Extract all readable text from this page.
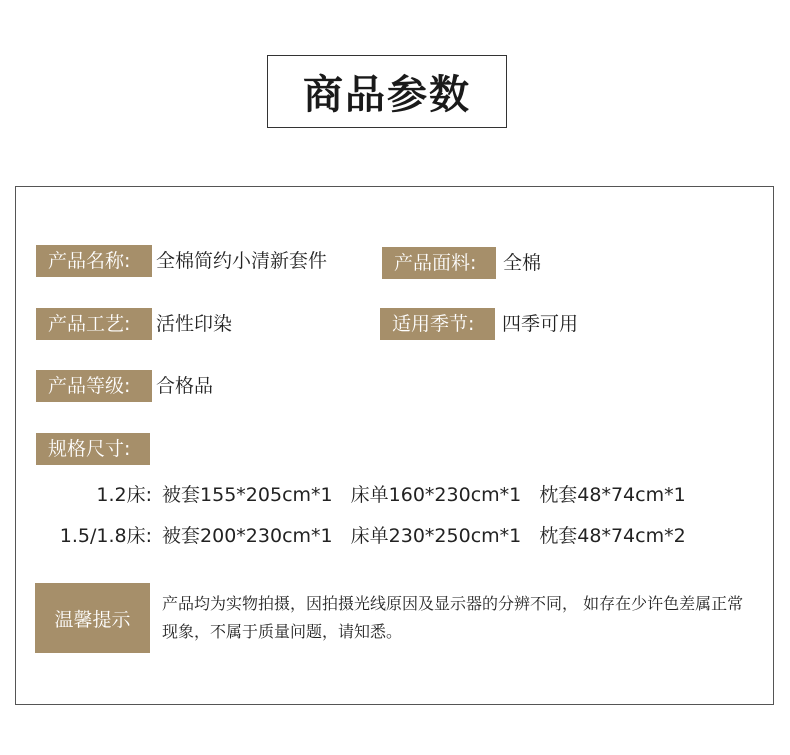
商品参数
产品名称:	全棉简约小清新套件	产品面料:	全棉
产品工艺:	活性印染	适用季节:	四季可用
产品等级:	合格品
规格尺寸:
1.2床: 被套155*205cm*1 床单160*230cm*1 枕套48*74cm*1
1.5/1.8床: 被套200*230cm*1 床单230*250cm*1 枕套48*74cm*2
温馨提示
产品均为实物拍摄，因拍摄光线原因及显示器的分辨不同， 如存在少许色差属正常现象，不属于质量问题，请知悉。
